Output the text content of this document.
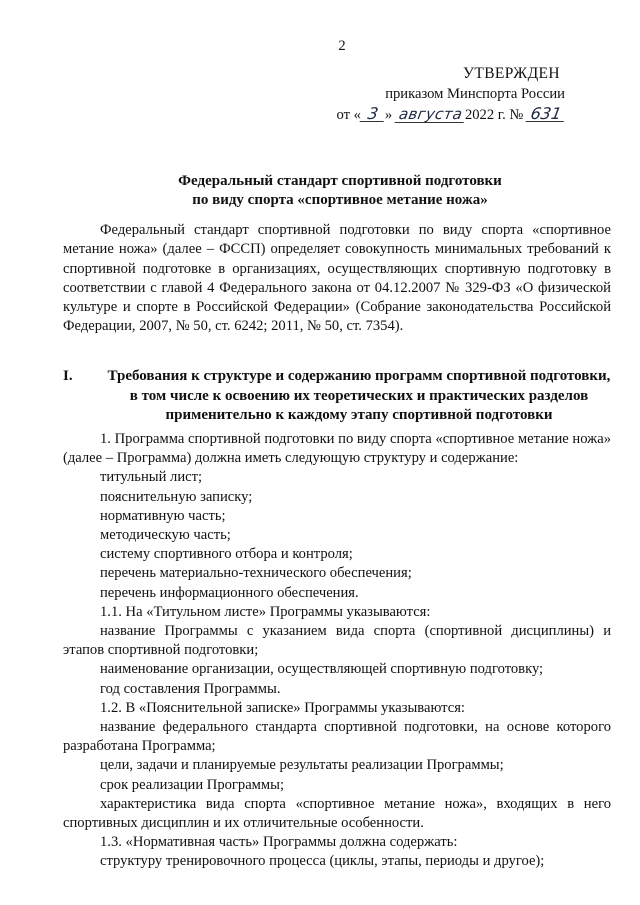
2
УТВЕРЖДЕН
приказом Минспорта России
от « 3 » августа2022 г. № 631
Федеральный стандарт спортивной подготовки
по виду спорта «спортивное метание ножа»
Федеральный стандарт спортивной подготовки по виду спорта «спортивное метание ножа» (далее – ФССП) определяет совокупность минимальных требований к спортивной подготовке в организациях, осуществляющих спортивную подготовку в соответствии с главой 4 Федерального закона от 04.12.2007 № 329-ФЗ «О физической культуре и спорте в Российской Федерации» (Собрание законодательства Российской Федерации, 2007, № 50, ст. 6242; 2011, № 50, ст. 7354).
I. Требования к структуре и содержанию программ спортивной подготовки, в том числе к освоению их теоретических и практических разделов применительно к каждому этапу спортивной подготовки
1. Программа спортивной подготовки по виду спорта «спортивное метание ножа» (далее – Программа) должна иметь следующую структуру и содержание:
титульный лист;
пояснительную записку;
нормативную часть;
методическую часть;
систему спортивного отбора и контроля;
перечень материально-технического обеспечения;
перечень информационного обеспечения.
1.1. На «Титульном листе» Программы указываются:
название Программы с указанием вида спорта (спортивной дисциплины) и этапов спортивной подготовки;
наименование организации, осуществляющей спортивную подготовку;
год составления Программы.
1.2. В «Пояснительной записке» Программы указываются:
название федерального стандарта спортивной подготовки, на основе которого разработана Программа;
цели, задачи и планируемые результаты реализации Программы;
срок реализации Программы;
характеристика вида спорта «спортивное метание ножа», входящих в него спортивных дисциплин и их отличительные особенности.
1.3. «Нормативная часть» Программы должна содержать:
структуру тренировочного процесса (циклы, этапы, периоды и другое);
